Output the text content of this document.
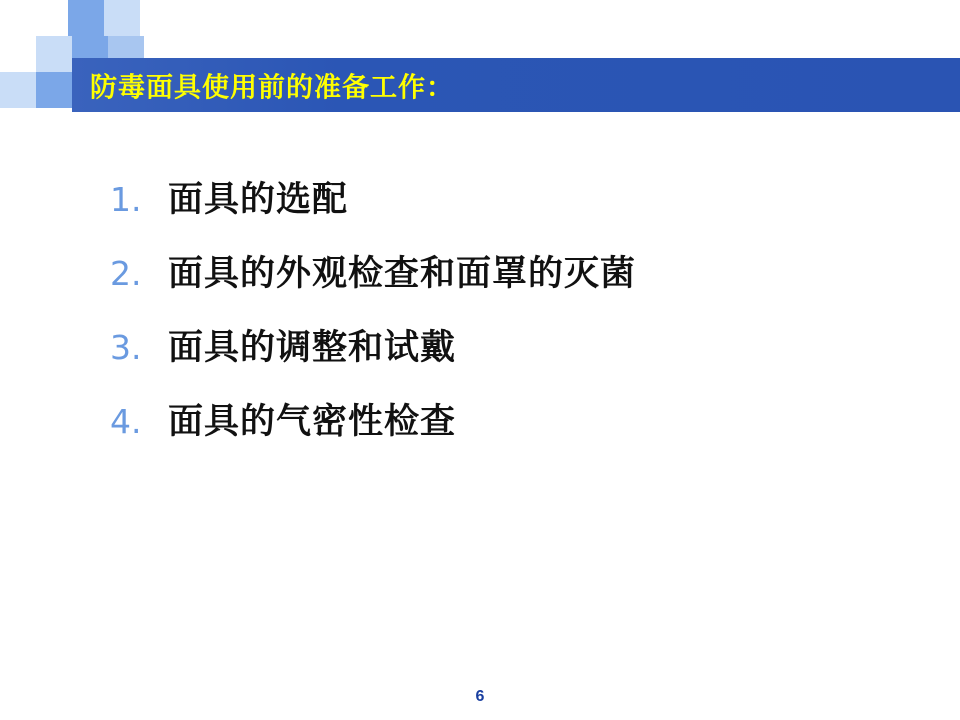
防毒面具使用前的准备工作：
1. 面具的选配
2. 面具的外观检查和面罩的灭菌
3. 面具的调整和试戴
4. 面具的气密性检查
6
